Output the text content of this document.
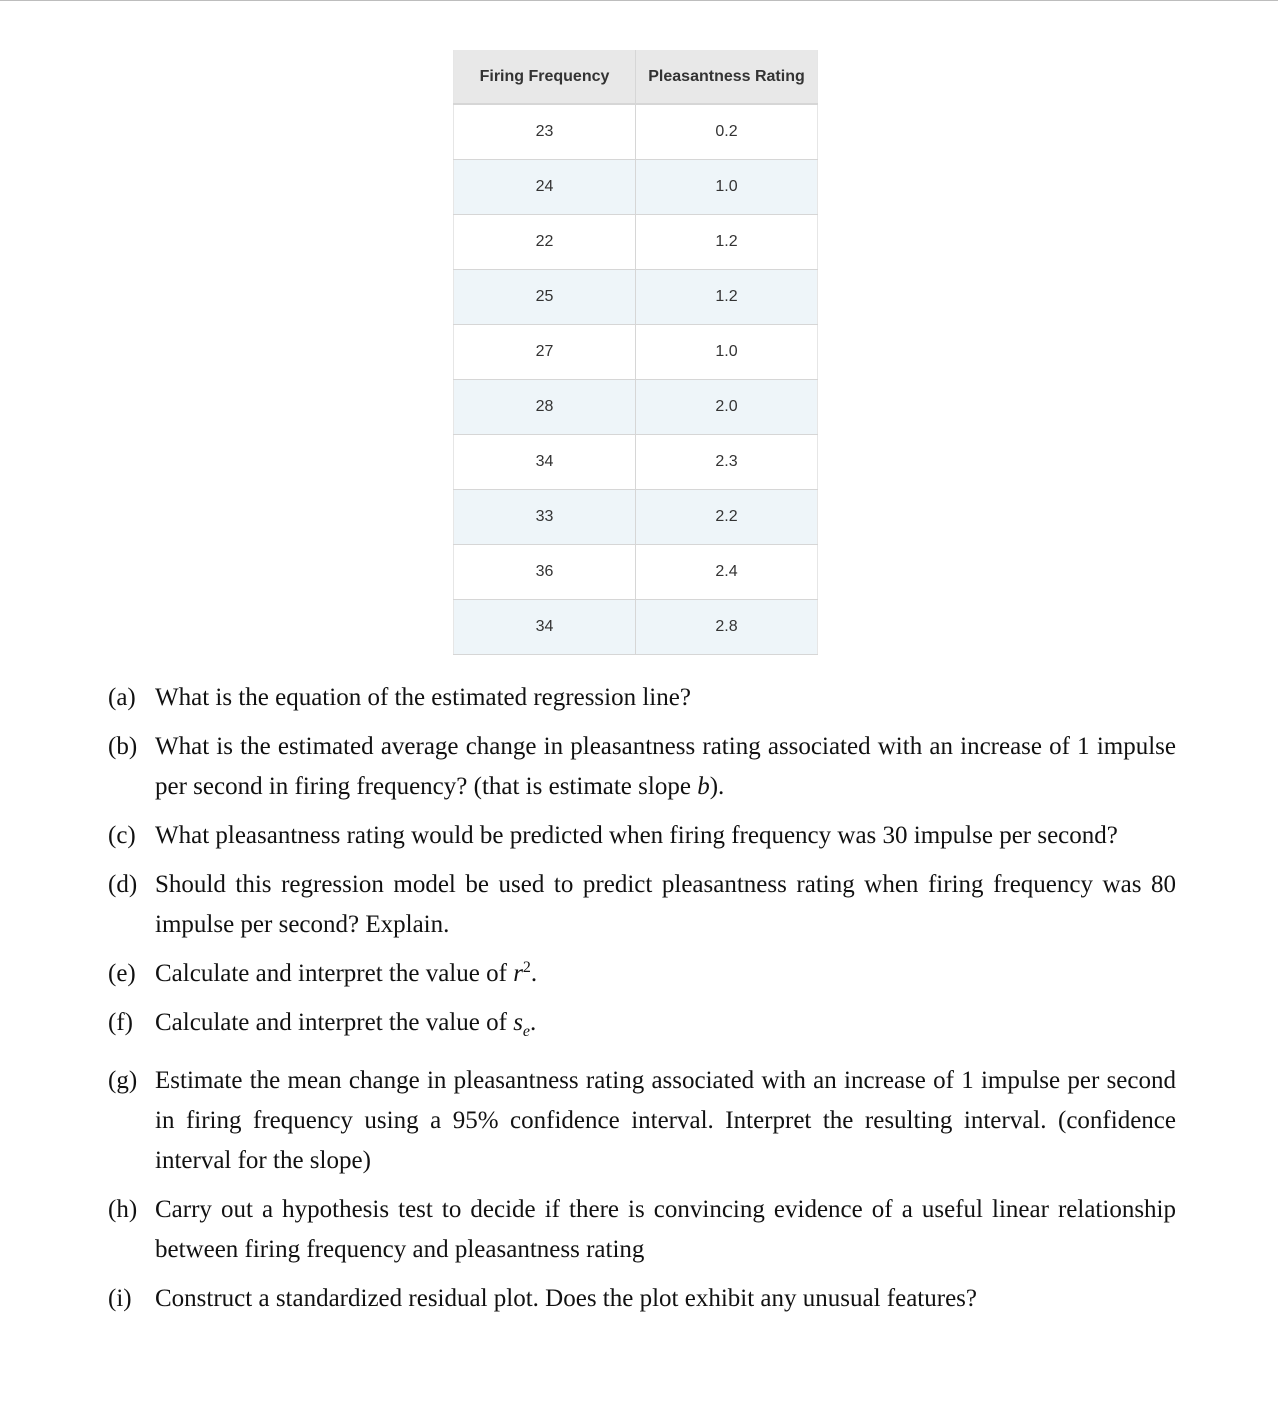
Firing Frequency	Pleasantness Rating
23	0.2
24	1.0
22	1.2
25	1.2
27	1.0
28	2.0
34	2.3
33	2.2
36	2.4
34	2.8
(a) What is the equation of the estimated regression line?
(b) What is the estimated average change in pleasantness rating associated with an increase of 1 impulse per second in firing frequency? (that is estimate slope b).
(c) What pleasantness rating would be predicted when firing frequency was 30 impulse per second?
(d) Should this regression model be used to predict pleasantness rating when firing frequency was 80 impulse per second? Explain.
(e) Calculate and interpret the value of $r^2$.
(f) Calculate and interpret the value of $s_e$.
(g) Estimate the mean change in pleasantness rating associated with an increase of 1 impulse per second in firing frequency using a 95% confidence interval. Interpret the resulting interval. (confidence interval for the slope)
(h) Carry out a hypothesis test to decide if there is convincing evidence of a useful linear relationship between firing frequency and pleasantness rating
(i) Construct a standardized residual plot. Does the plot exhibit any unusual features?
